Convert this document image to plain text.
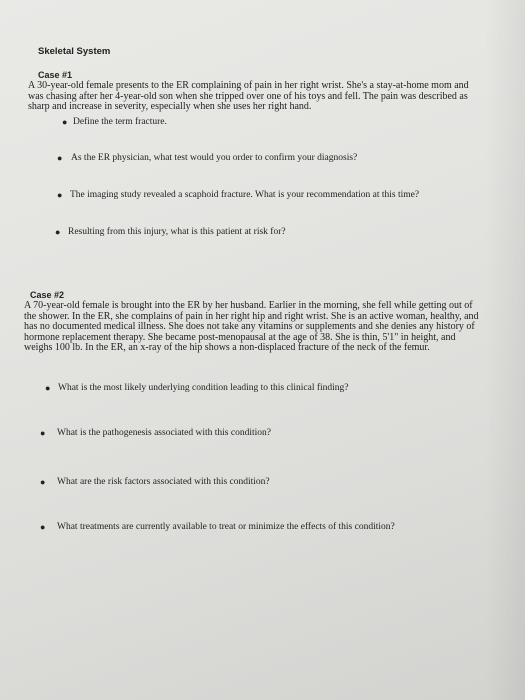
Skeletal System
Case #1

A 30-year-old female presents to the ER complaining of pain in her right wrist. She's a stay-at-home mom and was chasing after her 4-year-old son when she tripped over one of his toys and fell. The pain was described as sharp and increase in severity, especially when she uses her right hand.

● Define the term fracture.

● As the ER physician, what test would you order to confirm your diagnosis?

● The imaging study revealed a scaphoid fracture. What is your recommendation at this time?

● Resulting from this injury, what is this patient at risk for?

Case #2

A 70-year-old female is brought into the ER by her husband. Earlier in the morning, she fell while getting out of the shower. In the ER, she complains of pain in her right hip and right wrist. She is an active woman, healthy, and has no documented medical illness. She does not take any vitamins or supplements and she denies any history of hormone replacement therapy. She became post-menopausal at the age of 38. She is thin, 5'1" in height, and weighs 100 lb. In the ER, an x-ray of the hip shows a non-displaced fracture of the neck of the femur.

● What is the most likely underlying condition leading to this clinical finding?

● What is the pathogenesis associated with this condition?

● What are the risk factors associated with this condition?

● What treatments are currently available to treat or minimize the effects of this condition?
